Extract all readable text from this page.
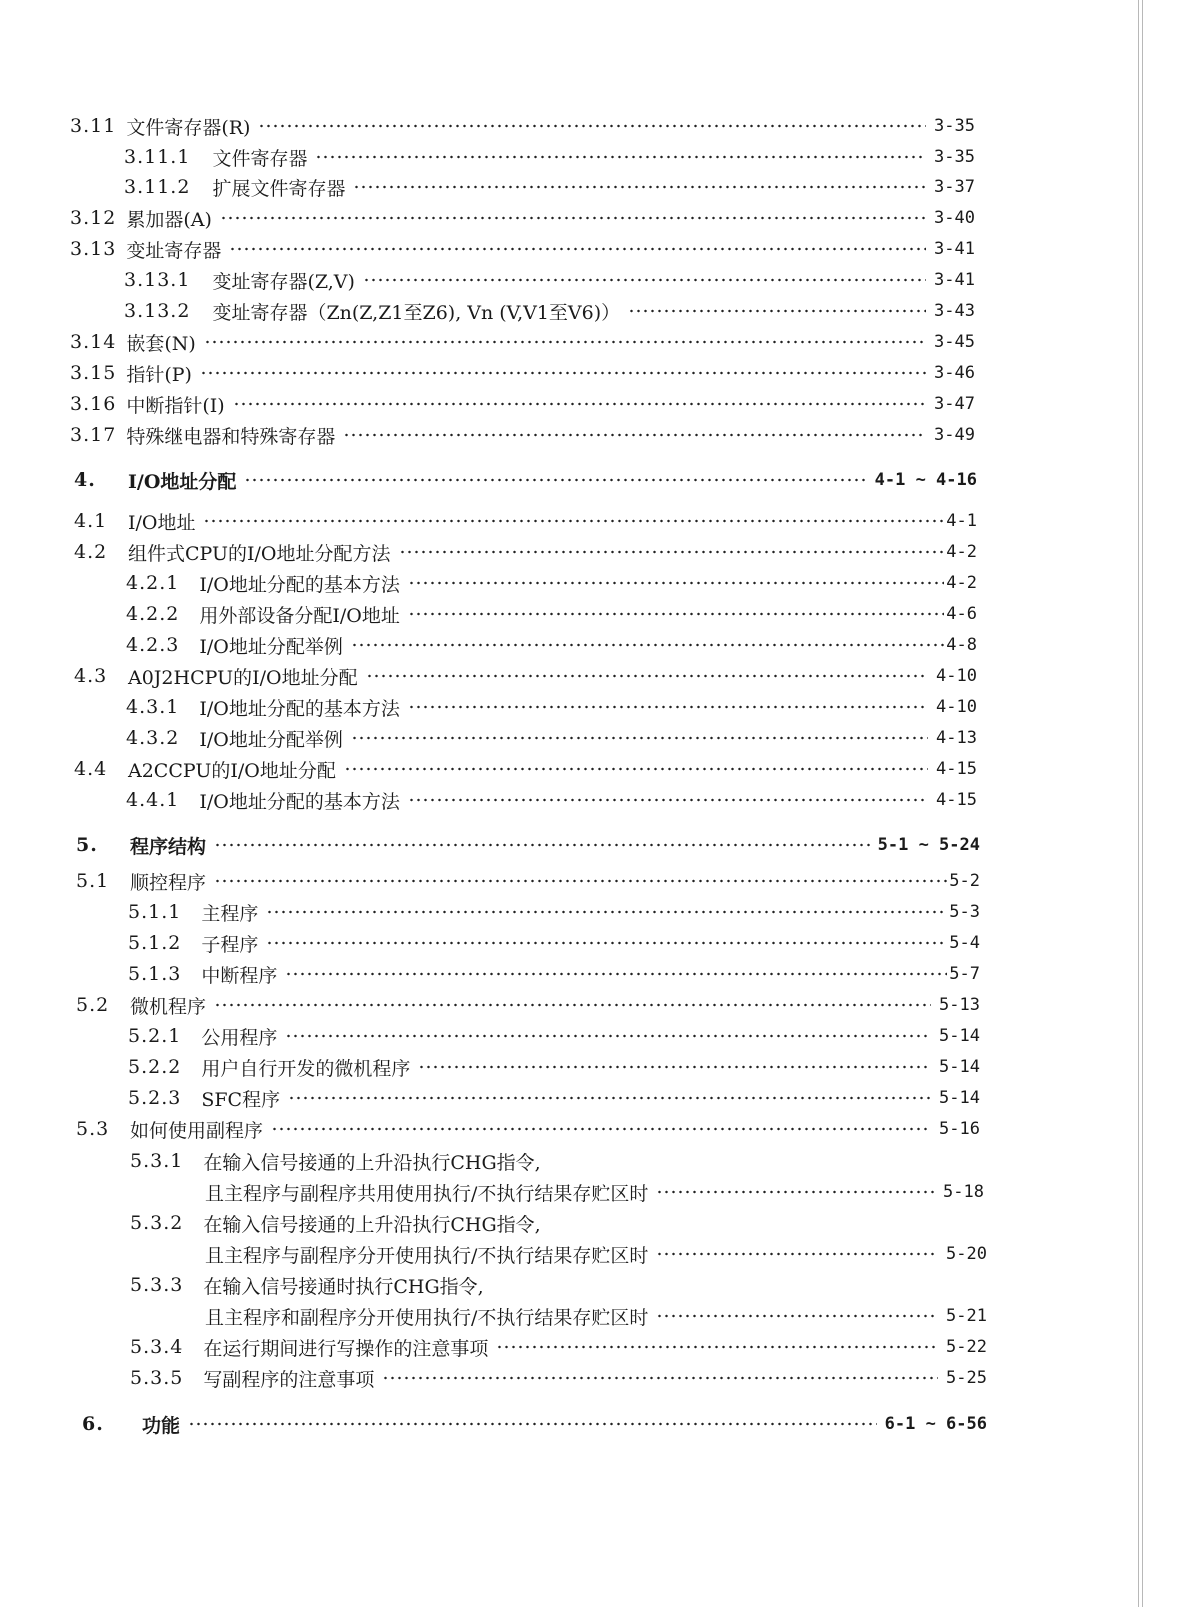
3.11 文件寄存器(R)	3-35
3.11.1	文件寄存器	3-35
3.11.2	扩展文件寄存器	3-37
3.12 累加器(A)	3-40
3.13 变址寄存器	3-41
3.13.1	变址寄存器(Z,V)	3-41
3.13.2	变址寄存器（Zn(Z,Z1至Z6), Vn (V,V1至V6)）	3-43
3.14 嵌套(N)	3-45
3.15 指针(P)	3-46
3.16 中断指针(I)	3-47
3.17 特殊继电器和特殊寄存器	3-49
4.	I/O地址分配	4-1 ~ 4-16
4.1	I/O地址	4-1
4.2	组件式CPU的I/O地址分配方法	4-2
4.2.1	I/O地址分配的基本方法	4-2
4.2.2	用外部设备分配I/O地址	4-6
4.2.3	I/O地址分配举例	4-8
4.3	A0J2HCPU的I/O地址分配	4-10
4.3.1	I/O地址分配的基本方法	4-10
4.3.2	I/O地址分配举例	4-13
4.4	A2CCPU的I/O地址分配	4-15
4.4.1	I/O地址分配的基本方法	4-15
5.	程序结构	5-1 ~ 5-24
5.1	顺控程序	5-2
5.1.1	主程序	5-3
5.1.2	子程序	5-4
5.1.3	中断程序	5-7
5.2	微机程序	5-13
5.2.1	公用程序	5-14
5.2.2	用户自行开发的微机程序	5-14
5.2.3	SFC程序	5-14
5.3	如何使用副程序	5-16
5.3.1	在输入信号接通的上升沿执行CHG指令,
且主程序与副程序共用使用执行/不执行结果存贮区时	5-18
5.3.2	在输入信号接通的上升沿执行CHG指令,
且主程序与副程序分开使用执行/不执行结果存贮区时	5-20
5.3.3	在输入信号接通时执行CHG指令,
且主程序和副程序分开使用执行/不执行结果存贮区时	5-21
5.3.4	在运行期间进行写操作的注意事项	5-22
5.3.5	写副程序的注意事项	5-25
6.	功能	6-1 ~ 6-56
